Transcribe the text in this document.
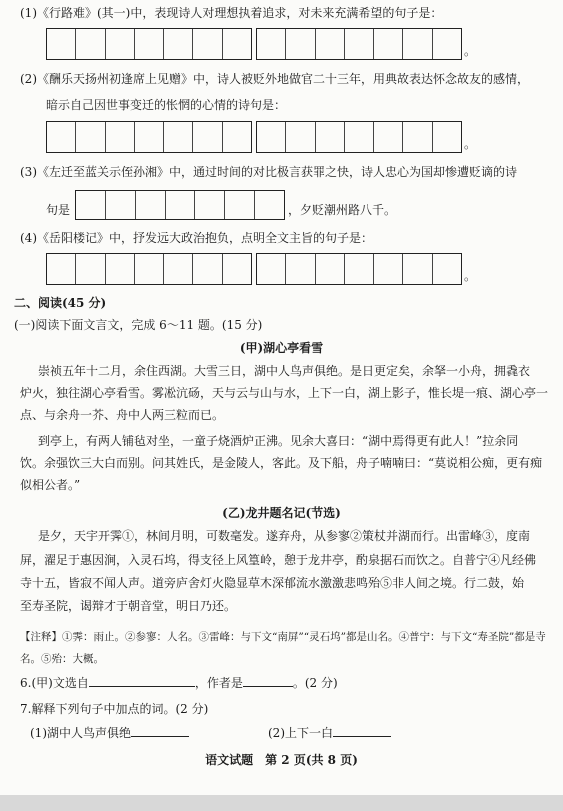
(1)《行路难》(其一)中，表现诗人对理想执着追求，对未来充满希望的句子是：
。
(2)《酬乐天扬州初逢席上见赠》中，诗人被贬外地做官二十三年，用典故表达怀念故友的感情，
暗示自己因世事变迁的怅惘的心情的诗句是：
。
(3)《左迁至蓝关示侄孙湘》中，通过时间的对比极言获罪之快，诗人忠心为国却惨遭贬谪的诗
句是	，夕贬潮州路八千。
(4)《岳阳楼记》中，抒发远大政治抱负，点明全文主旨的句子是：
。
二、阅读(45 分)
(一)阅读下面文言文，完成 6～11 题。(15 分)
(甲)湖心亭看雪
崇祯五年十二月，余住西湖。大雪三日，湖中人鸟声俱绝。是日更定矣，余拏一小舟，拥毳衣
炉火，独往湖心亭看雪。雾凇沆砀，天与云与山与水，上下一白，湖上影子，惟长堤一痕、湖心亭一
点、与余舟一芥、舟中人两三粒而已。
到亭上，有两人铺毡对坐，一童子烧酒炉正沸。见余大喜曰：“湖中焉得更有此人！”拉余同
饮。余强饮三大白而别。问其姓氏，是金陵人，客此。及下船，舟子喃喃曰：“莫说相公痴，更有痴
似相公者。”
(乙)龙井题名记(节选)
是夕，天宇开霁①，林间月明，可数毫发。遂弃舟，从参寥②策杖并湖而行。出雷峰③，度南
屏，濯足于惠因涧，入灵石坞，得支径上风篁岭，憩于龙井亭，酌泉据石而饮之。自普宁④凡经佛
寺十五，皆寂不闻人声。道旁庐舍灯火隐显草木深郁流水激激悲鸣殆⑤非人间之境。行二鼓，始
至寿圣院，谒辩才于朝音堂，明日乃还。
【注释】①霁：雨止。②参寥：人名。③雷峰：与下文“南屏”“灵石坞”都是山名。④普宁：与下文“寿圣院”都是寺
名。⑤殆：大概。
6.(甲)文选自	，作者是	。(2 分)
7.解释下列句子中加点的词。(2 分)
(1)湖中人鸟声俱绝	(2)上下一白
语文试题　第 2 页(共 8 页)
